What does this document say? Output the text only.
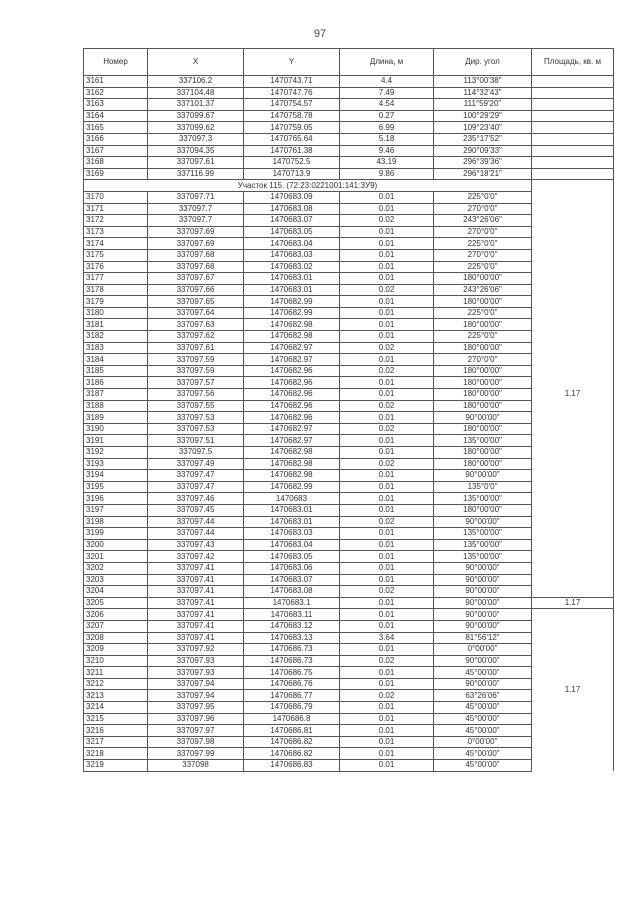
97
Номер	X	Y	Длина, м	Дир. угол	Площадь, кв. м
3161	337106.2	1470743.71	4.4	113°00'38"	
3162	337104.48	1470747.76	7.49	114°32'43"	
3163	337101.37	1470754.57	4.54	111°59'20"	
3164	337099.67	1470758.78	0.27	100°29'29"	
3165	337099.62	1470759.05	6.99	109°23'40"	
3166	337097.3	1470765.64	5.18	235°17'52"	
3167	337094.35	1470761.38	9.46	290°09'33"	
3168	337097.61	1470752.5	43.19	296°39'36"	
3169	337116.99	1470713.9	9.86	296°18'21"	
Участок 115. (72:23:0221001:141:ЗУ9)					
3170	337097.71	1470683.09	0.01	225°0'0"	1.17
3171	337097.7	1470683.08	0.01	270°0'0"	
3172	337097.7	1470683.07	0.02	243°26'06"	
3173	337097.69	1470683.05	0.01	270°0'0"	
3174	337097.69	1470683.04	0.01	225°0'0"	
3175	337097.68	1470683.03	0.01	270°0'0"	
3176	337097.68	1470683.02	0.01	225°0'0"	
3177	337097.67	1470683.01	0.01	180°00'00"	
3178	337097.66	1470683.01	0.02	243°26'06"	
3179	337097.65	1470682.99	0.01	180°00'00"	
3180	337097.64	1470682.99	0.01	225°0'0"	
3181	337097.63	1470682.98	0.01	180°00'00"	
3182	337097.62	1470682.98	0.01	225°0'0"	
3183	337097.61	1470682.97	0.02	180°00'00"	
3184	337097.59	1470682.97	0.01	270°0'0"	
3185	337097.59	1470682.96	0.02	180°00'00"	
3186	337097.57	1470682.96	0.01	180°00'00"	
3187	337097.56	1470682.96	0.01	180°00'00"	
3188	337097.55	1470682.96	0.02	180°00'00"	
3189	337097.53	1470682.96	0.01	90°00'00"	
3190	337097.53	1470682.97	0.02	180°00'00"	
3191	337097.51	1470682.97	0.01	135°00'00"	
3192	337097.5	1470682.98	0.01	180°00'00"	
3193	337097.49	1470682.98	0.02	180°00'00"	
3194	337097.47	1470682.98	0.01	90°00'00"	
3195	337097.47	1470682.99	0.01	135°0'0"	
3196	337097.46	1470683	0.01	135°00'00"	
3197	337097.45	1470683.01	0.01	180°00'00"	
3198	337097.44	1470683.01	0.02	90°00'00"	
3199	337097.44	1470683.03	0.01	135°00'00"	
3200	337097.43	1470683.04	0.01	135°00'00"	
3201	337097.42	1470683.05	0.01	135°00'00"	
3202	337097.41	1470683.06	0.01	90°00'00"	
3203	337097.41	1470683.07	0.01	90°00'00"	
3204	337097.41	1470683.08	0.02	90°00'00"	
3205	337097.41	1470683.1	0.01	90°00'00"	1.17
3206	337097.41	1470683.11	0.01	90°00'00"	1.17
3207	337097.41	1470683.12	0.01	90°00'00"	
3208	337097.41	1470683.13	3.64	81°56'12"	
3209	337097.92	1470686.73	0.01	0°00'00"	
3210	337097.93	1470686.73	0.02	90°00'00"	
3211	337097.93	1470686.75	0.01	45°00'00"	
3212	337097.94	1470686.76	0.01	90°00'00"	
3213	337097.94	1470686.77	0.02	63°26'06"	
3214	337097.95	1470686.79	0.01	45°00'00"	
3215	337097.96	1470686.8	0.01	45°00'00"	
3216	337097.97	1470686.81	0.01	45°00'00"	
3217	337097.98	1470686.82	0.01	0°00'00"	
3218	337097.99	1470686.82	0.01	45°00'00"	
3219	337098	1470686.83	0.01	45°00'00"	
